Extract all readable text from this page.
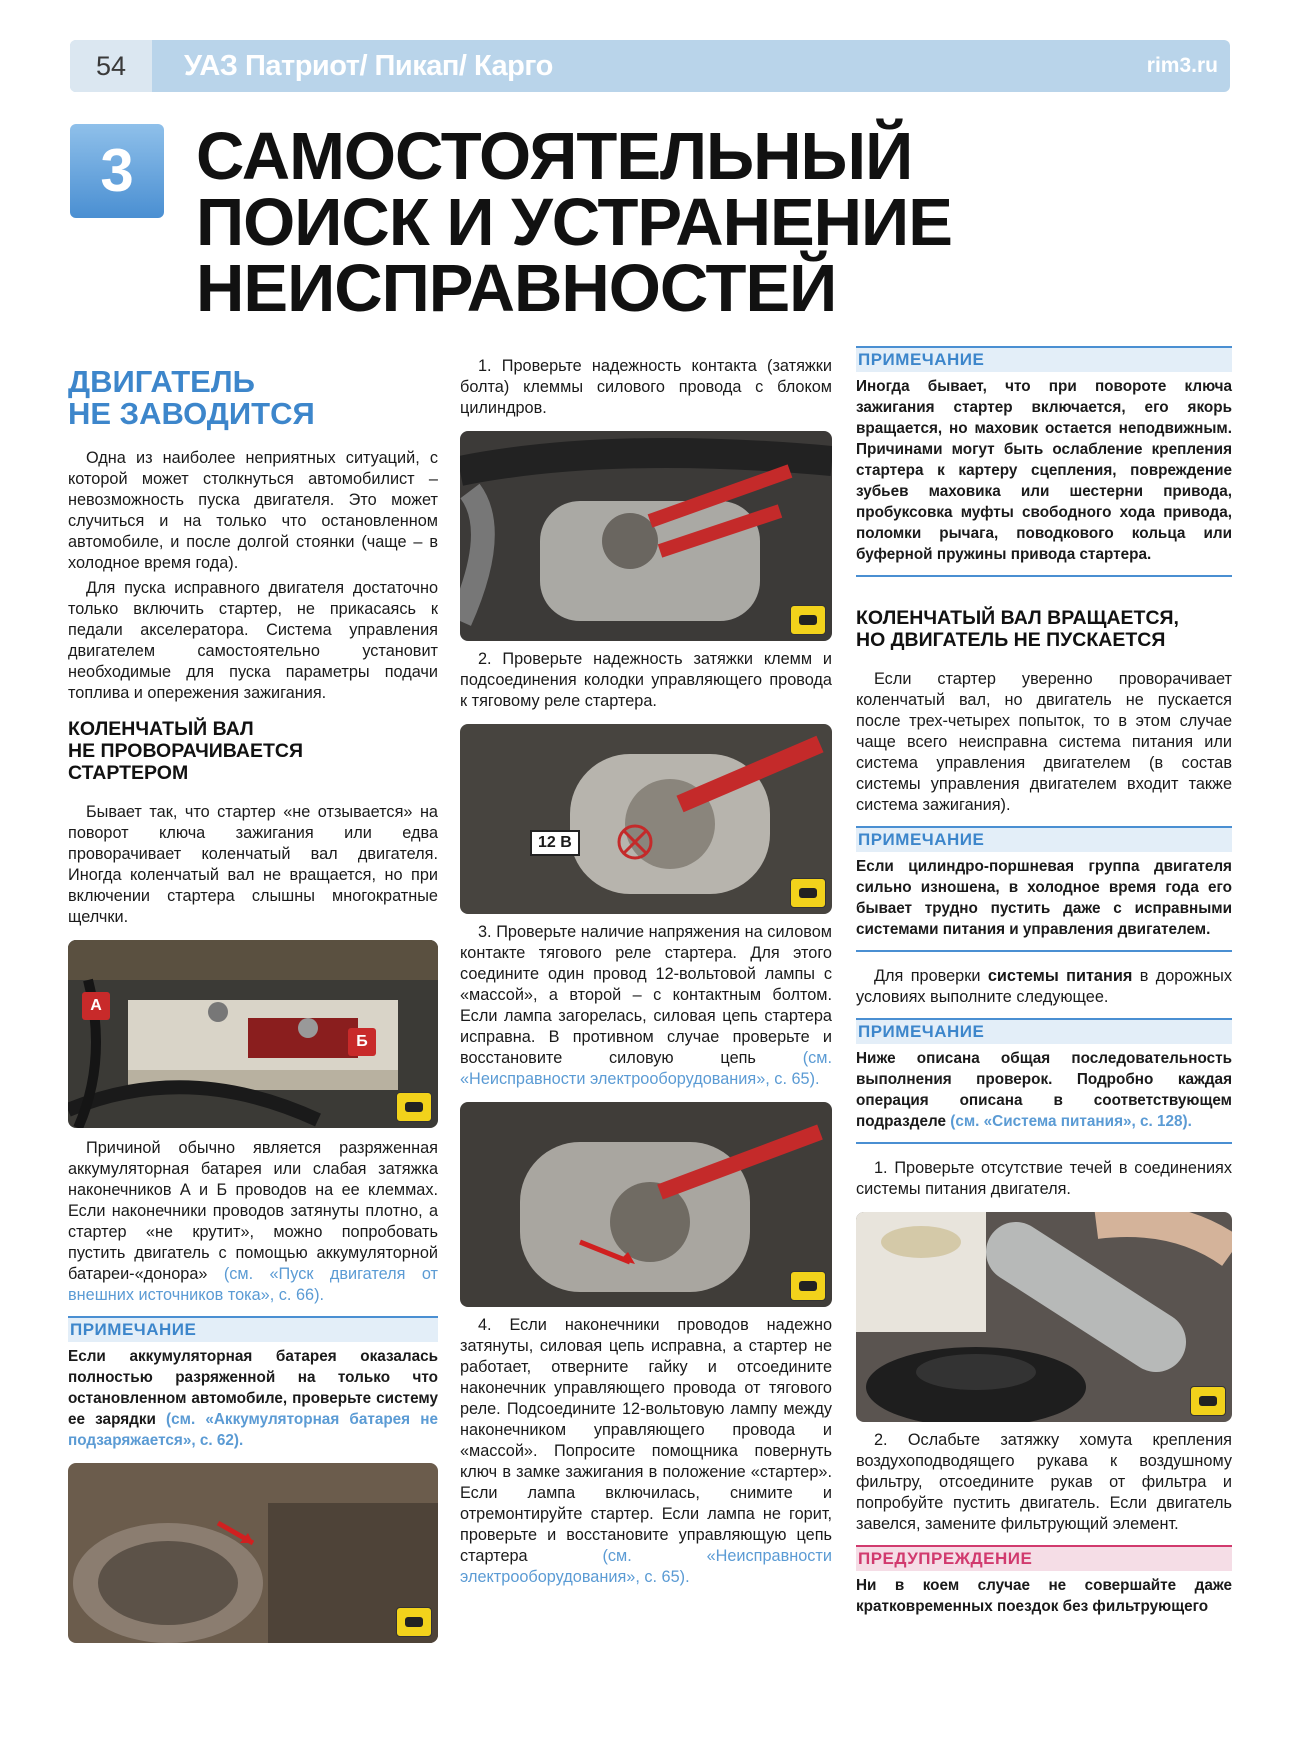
54	УАЗ Патриот/ Пикап/ Карго	rim3.ru
3 САМОСТОЯТЕЛЬНЫЙ
ПОИСК И УСТРАНЕНИЕ
НЕИСПРАВНОСТЕЙ
ДВИГАТЕЛЬ
НЕ ЗАВОДИТСЯ

Одна из наиболее неприятных ситуаций, с которой может столкнуться автомобилист – невозможность пуска двигателя. Это может случиться и на только что остановленном автомобиле, и после долгой стоянки (чаще – в холодное время года).

Для пуска исправного двигателя достаточно только включить стартер, не прикасаясь к педали акселератора. Система управления двигателем самостоятельно установит необходимые для пуска параметры подачи топлива и опережения зажигания.

КОЛЕНЧАТЫЙ ВАЛ
НЕ ПРОВОРАЧИВАЕТСЯ
СТАРТЕРОМ

Бывает так, что стартер «не отзывается» на поворот ключа зажигания или едва проворачивает коленчатый вал двигателя. Иногда коленчатый вал не вращается, но при включении стартера слышны многократные щелчки.

А
Б

Причиной обычно является разряженная аккумуляторная батарея или слабая затяжка наконечников А и Б проводов на ее клеммах. Если наконечники проводов затянуты плотно, а стартер «не крутит», можно попробовать пустить двигатель с помощью аккумуляторной батареи-«донора» (см. «Пуск двигателя от внешних источников тока», с. 66).

ПРИМЕЧАНИЕ

Если аккумуляторная батарея оказалась полностью разряженной на только что остановленном автомобиле, проверьте систему ее зарядки (см. «Аккумуляторная батарея не подзаряжается», с. 62).

1. Проверьте надежность контакта (затяжки болта) клеммы силового провода с блоком цилиндров.

2. Проверьте надежность затяжки клемм и подсоединения колодки управляющего провода к тяговому реле стартера.

12 В

3. Проверьте наличие напряжения на силовом контакте тягового реле стартера. Для этого соедините один провод 12-вольтовой лампы с «массой», а второй – с контактным болтом. Если лампа загорелась, силовая цепь стартера исправна. В противном случае проверьте и восстановите силовую цепь	(см. «Неисправности электрооборудования», с. 65).

4. Если наконечники проводов надежно затянуты, силовая цепь исправна, а стартер не работает, отверните гайку и отсоедините наконечник управляющего провода от тягового реле. Подсоедините 12-вольтовую лампу между наконечником управляющего провода и «массой». Попросите помощника повернуть ключ в замке зажигания в положение «стартер». Если лампа включилась, снимите и отремонтируйте стартер. Если лампа не горит, проверьте и восстановите управляющую цепь стартера	(см. «Неисправности электрооборудования», с. 65).

ПРИМЕЧАНИЕ

Иногда бывает, что при повороте ключа зажигания стартер включается, его якорь вращается, но маховик остается неподвижным. Причинами могут быть ослабление крепления стартера к картеру сцепления, повреждение зубьев маховика или шестерни привода, пробуксовка муфты свободного хода привода, поломки рычага, поводкового кольца или буферной пружины привода стартера.

КОЛЕНЧАТЫЙ ВАЛ ВРАЩАЕТСЯ,
НО ДВИГАТЕЛЬ НЕ ПУСКАЕТСЯ

Если стартер уверенно проворачивает коленчатый вал, но двигатель не пускается после трех-четырех попыток, то в этом случае чаще всего неисправна система питания или система управления двигателем (в состав системы управления двигателем входит также система зажигания).

ПРИМЕЧАНИЕ

Если цилиндро-поршневая группа двигателя сильно изношена, в холодное время года его бывает трудно пустить даже с исправными системами питания и управления двигателем.

Для проверки системы питания в дорожных условиях выполните следующее.

ПРИМЕЧАНИЕ

Ниже описана общая последовательность выполнения проверок. Подробно каждая операция описана в соответствующем подразделе (см. «Система питания», с. 128).

1. Проверьте отсутствие течей в соединениях системы питания двигателя.

2. Ослабьте затяжку хомута крепления воздухоподводящего рукава к воздушному фильтру, отсоедините рукав от фильтра и попробуйте пустить двигатель. Если двигатель завелся, замените фильтрующий элемент.

ПРЕДУПРЕЖДЕНИЕ

Ни в коем случае не совершайте даже кратковременных поездок без фильтрующего
